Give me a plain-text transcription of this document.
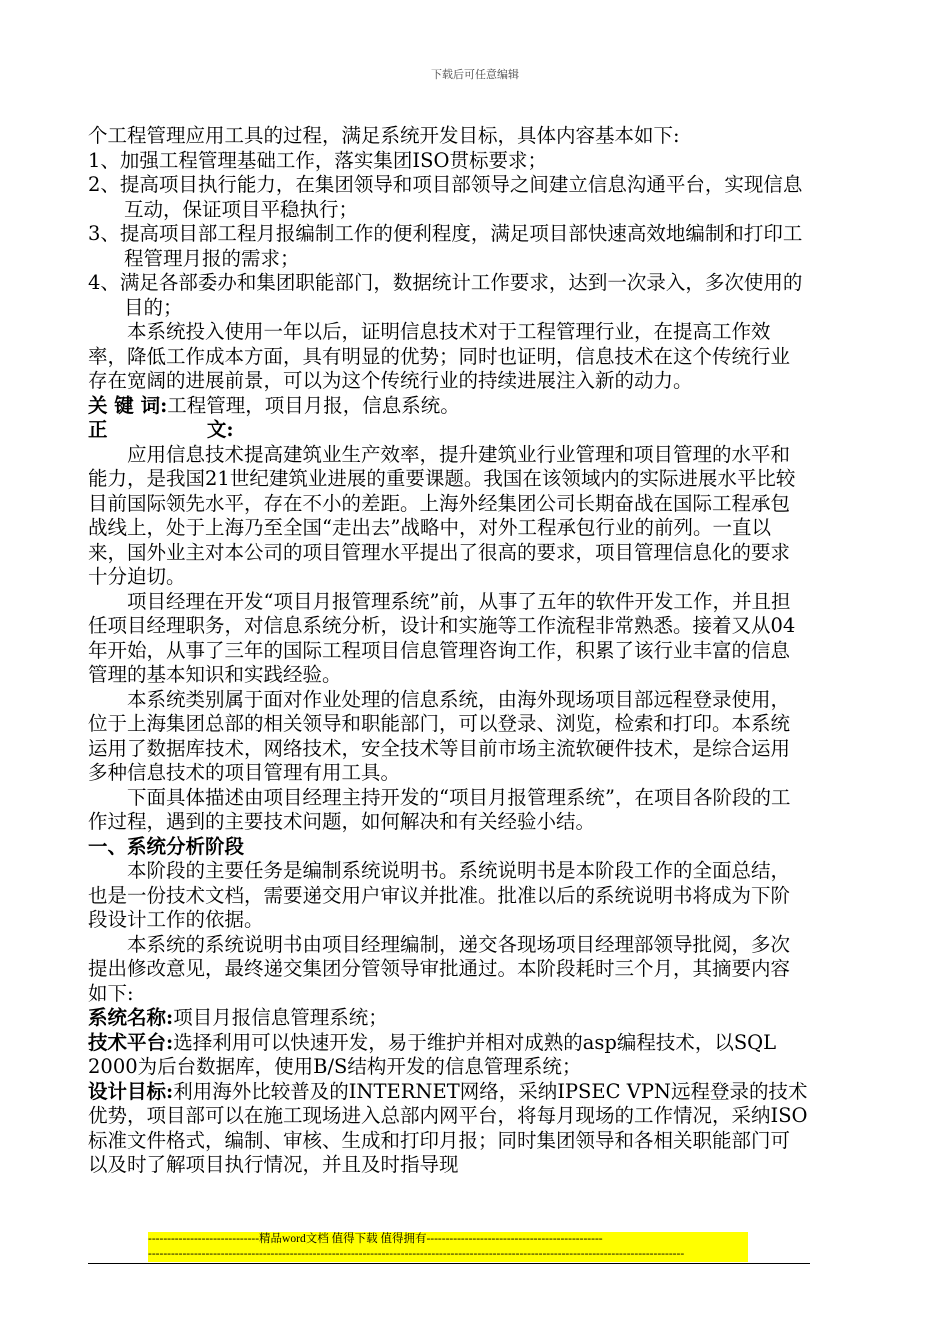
下载后可任意编辑

个工程管理应用工具的过程，满足系统开发目标，具体内容基本如下:

1、加强工程管理基础工作，落实集团ISO贯标要求；

2、提高项目执行能力，在集团领导和项目部领导之间建立信息沟通平台，实现信息互动，保证项目平稳执行；

3、提高项目部工程月报编制工作的便利程度，满足项目部快速高效地编制和打印工程管理月报的需求；

4、满足各部委办和集团职能部门，数据统计工作要求，达到一次录入，多次使用的目的；

本系统投入使用一年以后，证明信息技术对于工程管理行业，在提高工作效率，降低工作成本方面，具有明显的优势；同时也证明，信息技术在这个传统行业存在宽阔的进展前景，可以为这个传统行业的持续进展注入新的动力。

关 键 词:工程管理，项目月报，信息系统。

正  文:

应用信息技术提高建筑业生产效率，提升建筑业行业管理和项目管理的水平和能力，是我国21世纪建筑业进展的重要课题。我国在该领域内的实际进展水平比较目前国际领先水平，存在不小的差距。上海外经集团公司长期奋战在国际工程承包战线上，处于上海乃至全国“走出去”战略中，对外工程承包行业的前列。一直以来，国外业主对本公司的项目管理水平提出了很高的要求，项目管理信息化的要求十分迫切。

项目经理在开发“项目月报管理系统”前，从事了五年的软件开发工作，并且担任项目经理职务，对信息系统分析，设计和实施等工作流程非常熟悉。接着又从04年开始，从事了三年的国际工程项目信息管理咨询工作，积累了该行业丰富的信息管理的基本知识和实践经验。

本系统类别属于面对作业处理的信息系统，由海外现场项目部远程登录使用，位于上海集团总部的相关领导和职能部门，可以登录、浏览，检索和打印。本系统运用了数据库技术，网络技术，安全技术等目前市场主流软硬件技术，是综合运用多种信息技术的项目管理有用工具。

下面具体描述由项目经理主持开发的“项目月报管理系统”，在项目各阶段的工作过程，遇到的主要技术问题，如何解决和有关经验小结。

一、系统分析阶段

本阶段的主要任务是编制系统说明书。系统说明书是本阶段工作的全面总结，也是一份技术文档，需要递交用户审议并批准。批准以后的系统说明书将成为下阶段设计工作的依据。

本系统的系统说明书由项目经理编制，递交各现场项目经理部领导批阅，多次提出修改意见，最终递交集团分管领导审批通过。本阶段耗时三个月，其摘要内容如下:

系统名称:项目月报信息管理系统；

技术平台:选择利用可以快速开发，易于维护并相对成熟的asp编程技术，以SQL 2000为后台数据库，使用B/S结构开发的信息管理系统；

设计目标:利用海外比较普及的INTERNET网络，采纳IPSEC VPN远程登录的技术优势，项目部可以在施工现场进入总部内网平台，将每月现场的工作情况，采纳ISO标准文件格式，编制、审核、生成和打印月报；同时集团领导和各相关职能部门可以及时了解项目执行情况，并且及时指导现

-----------------------------精品word文档 值得下载 值得拥有----------------------------------------------
--------------------------------------------------------------------------------------------------------------------------------------------
